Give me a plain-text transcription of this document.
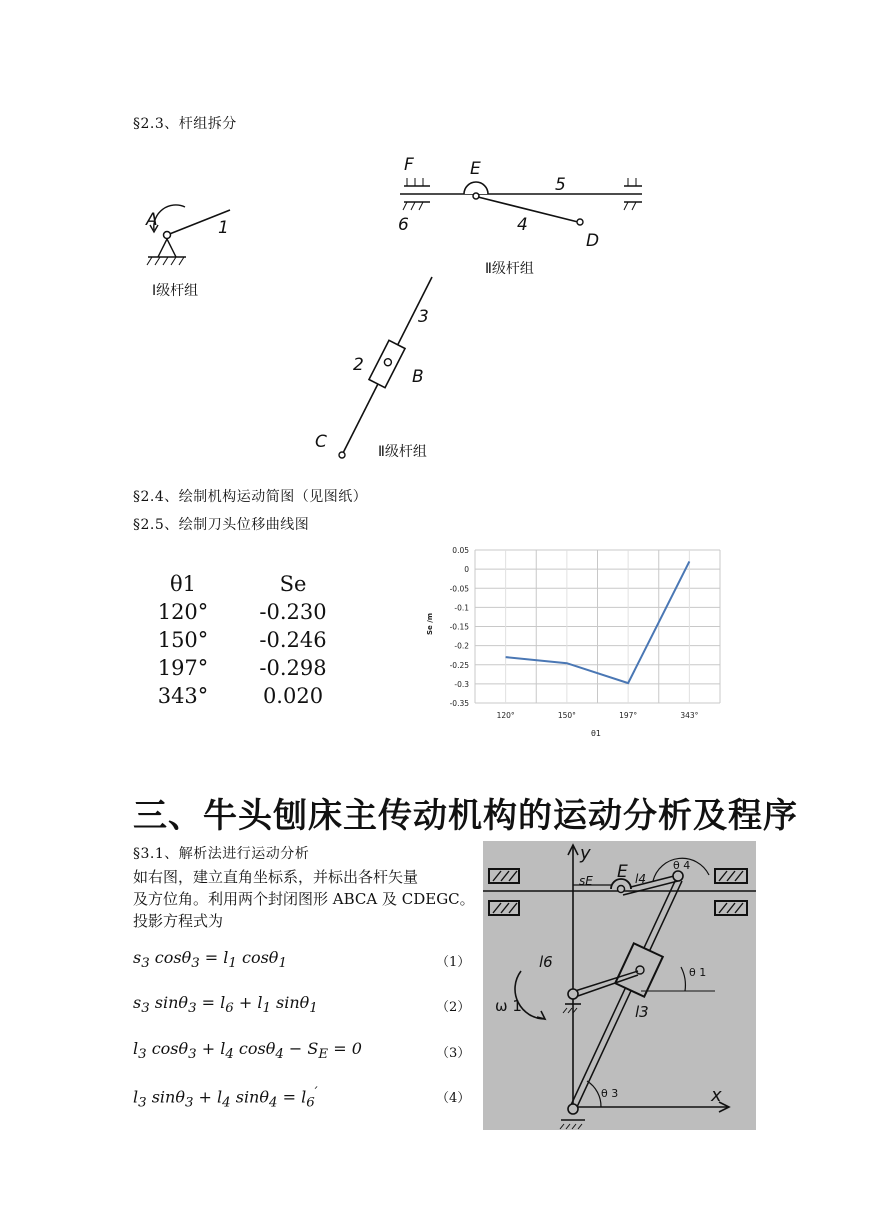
§2.3、杆组拆分
A	1
Ⅰ级杆组
F	E
5
6	4
D
Ⅱ级杆组
3
2
B
C	Ⅱ级杆组
§2.4、绘制机构运动简图（见图纸）
§2.5、绘制刀头位移曲线图
θ1	Se
120°	-0.230
150°	-0.246
197°	-0.298
343°	0.020
0.05
0
-0.05
-0.1
-0.15
-0.2
-0.25
-0.3
-0.35
120°	150°	197°	343°
Se /m
θ1
三、牛头刨床主传动机构的运动分析及程序
§3.1、解析法进行运动分析
如右图，建立直角坐标系，并标出各杆矢量
及方位角。利用两个封闭图形 ABCA 及 CDEGC。
投影方程式为
$s_3$ $\cos\theta_3 = l_1$ cosθ$_1$	（1）
$s_3$ $\sin\theta_3 = l_6 + l_1$ sinθ$_1$	（2）
$l_3$ $\cos\theta_3 + l_4$ $\cos\theta_4 - S_E = 0$	（3）
$l_3$ $\sin\theta_3 + l_4$ $\sin\theta_4 = l_6'$	（4）
y
x
sE E l4
θ 4
l6
ω 1	l3
θ 1
θ 3
